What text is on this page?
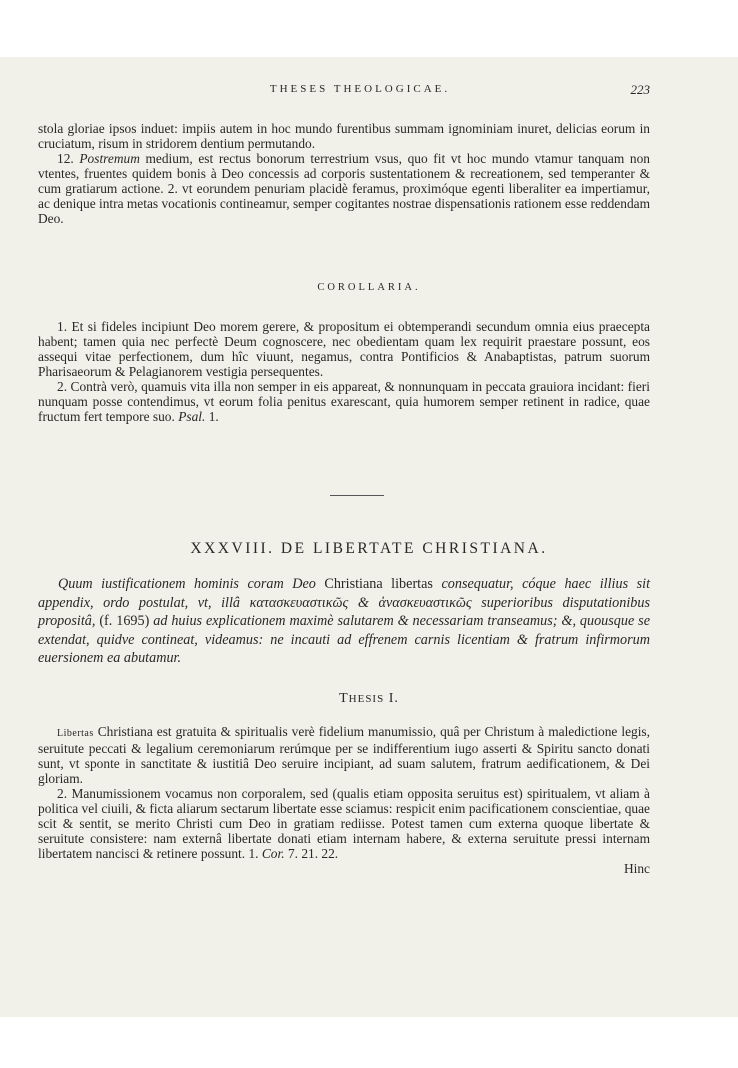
THESES THEOLOGICAE.	223

stola gloriae ipsos induet: impiis autem in hoc mundo furentibus summam ignominiam inuret, delicias eorum in cruciatum, risum in stridorem dentium permutando.

12. Postremum medium, est rectus bonorum terrestrium vsus, quo fit vt hoc mundo vtamur tanquam non vtentes, fruentes quidem bonis à Deo concessis ad corporis sustentationem & recreationem, sed temperanter & cum gratiarum actione. 2. vt eorundem penuriam placidè feramus, proximóque egenti liberaliter ea impertiamur, ac denique intra metas vocationis contineamur, semper cogitantes nostrae dispensationis rationem esse reddendam Deo.

COROLLARIA.

1. Et si fideles incipiunt Deo morem gerere, & propositum ei obtemperandi secundum omnia eius praecepta habent; tamen quia nec perfectè Deum cognoscere, nec obedientam quam lex requirit praestare possunt, eos assequi vitae perfectionem, dum hîc viuunt, negamus, contra Pontificios & Anabaptistas, patrum suorum Pharisaeorum & Pelagianorem vestigia persequentes.

2. Contrà verò, quamuis vita illa non semper in eis appareat, & nonnunquam in peccata grauiora incidant: fieri nunquam posse contendimus, vt eorum folia penitus exarescant, quia humorem semper retinent in radice, quae fructum fert tempore suo. Psal. 1.

XXXVIII. DE LIBERTATE CHRISTIANA.
Quum iustificationem hominis coram Deo Christiana libertas consequatur, cóque haec illius sit appendix, ordo postulat, vt, illâ κατασκευαστικῶς & ἀνασκευαστικῶς superioribus disputationibus propositâ, (f. 1695) ad huius explicationem maximè salutarem & necessariam transeamus; &, quousque se extendat, quidve contineat, videamus: ne incauti ad effrenem carnis licentiam & fratrum infirmorum euersionem ea abutamur.
THESIS I.

Libertas Christiana est gratuita & spiritualis verè fidelium manumissio, quâ per Christum à maledictione legis, seruitute peccati & legalium ceremoniarum rerúmque per se indifferentium iugo asserti & Spiritu sancto donati sunt, vt sponte in sanctitate & iustitiâ Deo seruire incipiant, ad suam salutem, fratrum aedificationem, & Dei gloriam.

2. Manumissionem vocamus non corporalem, sed (qualis etiam opposita seruitus est) spiritualem, vt aliam à politica vel ciuili, & ficta aliarum sectarum libertate esse sciamus: respicit enim pacificationem conscientiae, quae scit & sentit, se merito Christi cum Deo in gratiam rediisse. Potest tamen cum externa quoque libertate & seruitute consistere: nam externâ libertate donati etiam internam habere, & externa seruitute pressi internam libertatem nancisci & retinere possunt. 1. Cor. 7. 21. 22.

Hinc
